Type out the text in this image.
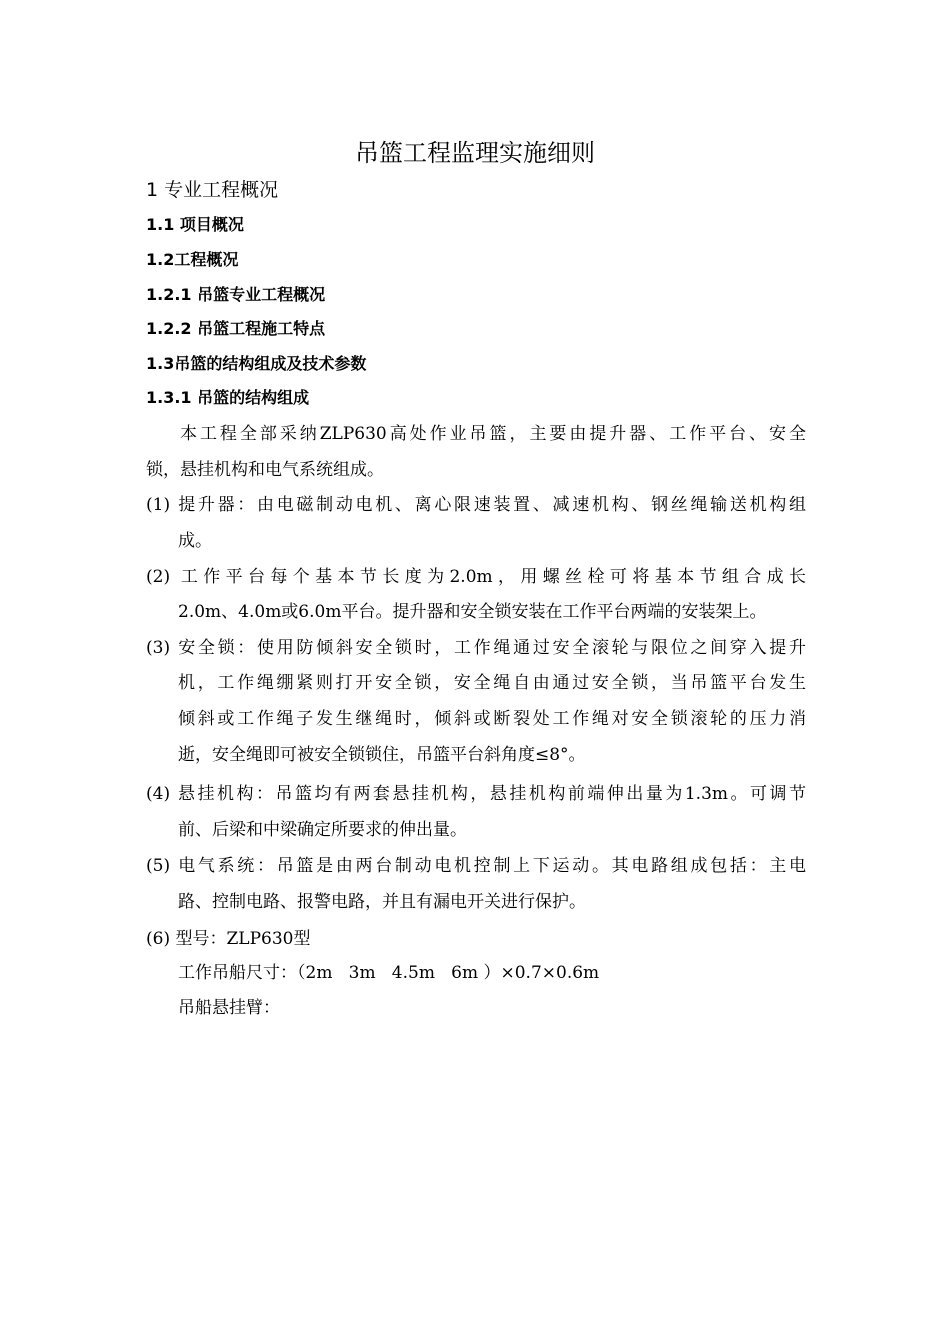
吊篮工程监理实施细则
1 专业工程概况
1.1 项目概况
1.2工程概况
1.2.1 吊篮专业工程概况
1.2.2 吊篮工程施工特点
1.3吊篮的结构组成及技术参数
1.3.1 吊篮的结构组成
本工程全部采纳ZLP630高处作业吊篮，主要由提升器、工作平台、安全
锁，悬挂机构和电气系统组成。
(1) 提升器：由电磁制动电机、离心限速装置、减速机构、钢丝绳输送机构组
成。
(2) 工作平台每个基本节长度为2.0m，用螺丝栓可将基本节组合成长
2.0m、4.0m或6.0m平台。提升器和安全锁安装在工作平台两端的安装架上。
(3) 安全锁：使用防倾斜安全锁时，工作绳通过安全滚轮与限位之间穿入提升
机，工作绳绷紧则打开安全锁，安全绳自由通过安全锁，当吊篮平台发生
倾斜或工作绳子发生继绳时，倾斜或断裂处工作绳对安全锁滚轮的压力消
逝，安全绳即可被安全锁锁住，吊篮平台斜角度≤8°。
(4) 悬挂机构：吊篮均有两套悬挂机构，悬挂机构前端伸出量为1.3m。可调节
前、后梁和中梁确定所要求的伸出量。
(5) 电气系统：吊篮是由两台制动电机控制上下运动。其电路组成包括：主电
路、控制电路、报警电路，并且有漏电开关进行保护。
(6) 型号：ZLP630型
工作吊船尺寸：（2m   3m   4.5m   6m ）×0.7×0.6m
吊船悬挂臂：
